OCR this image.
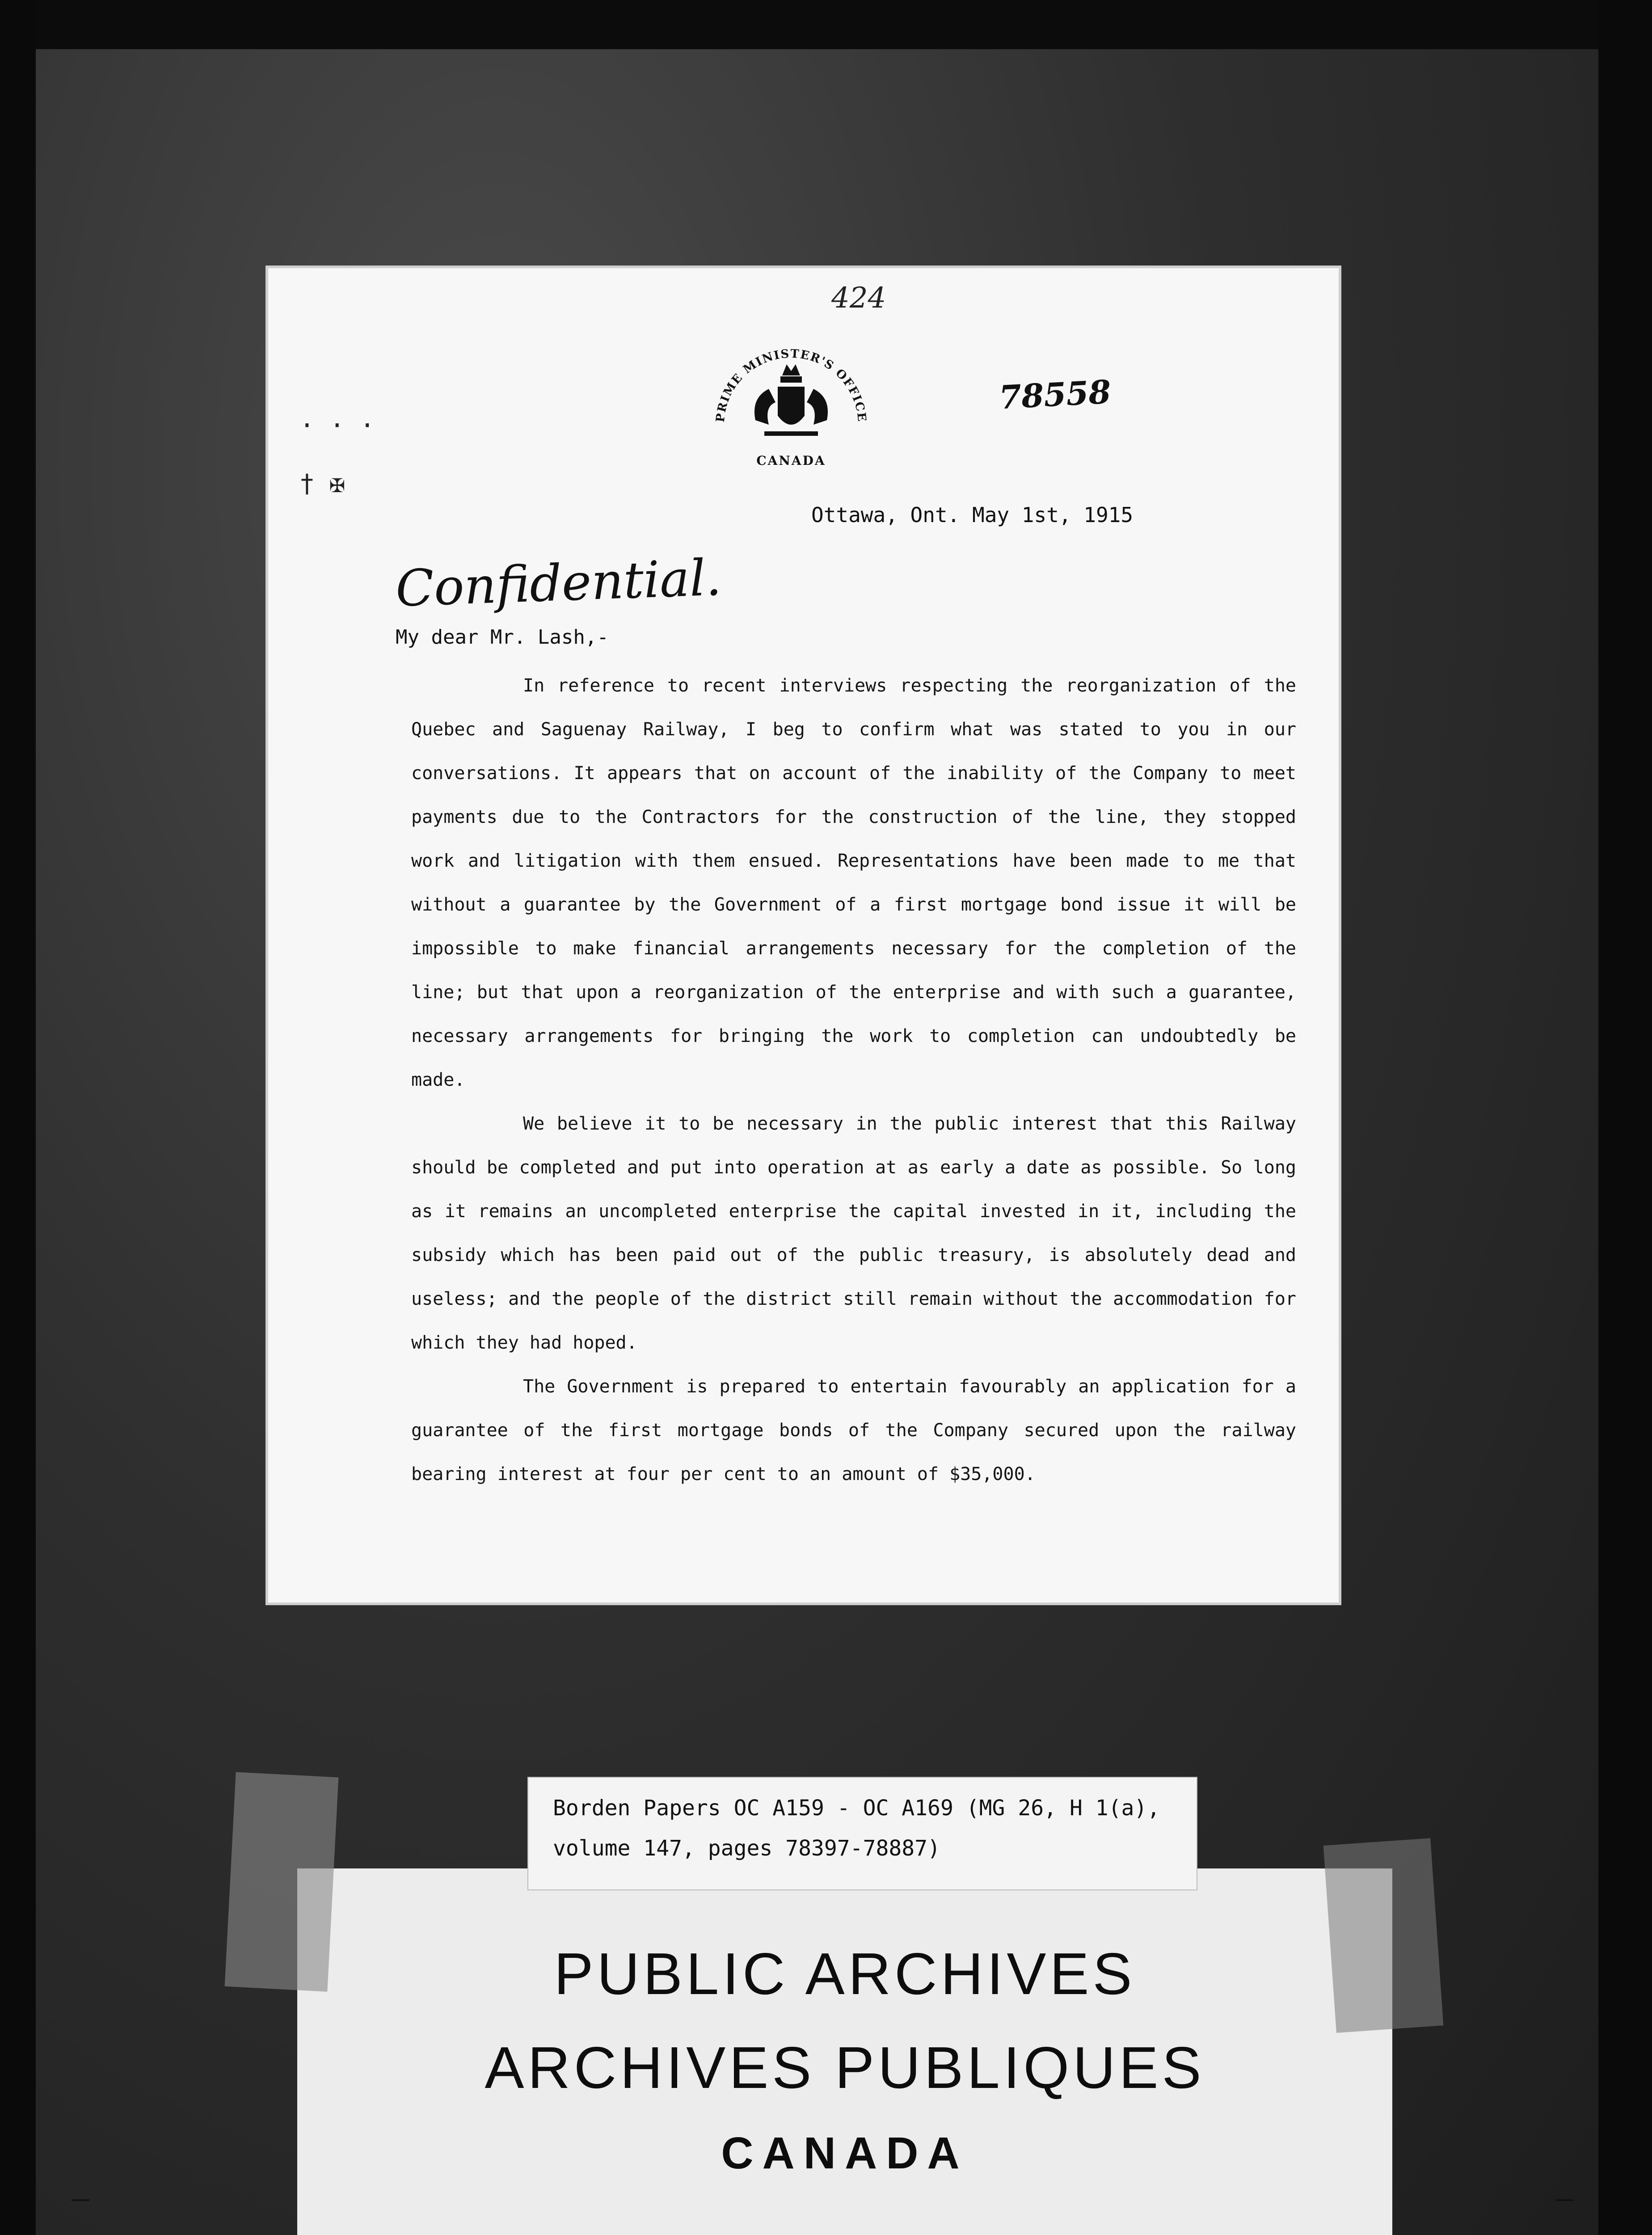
424
PRIME MINISTER'S OFFICE
CANADA
78558
· · ·

† ✠
Ottawa, Ont. May 1st, 1915
Confidential.
My dear Mr. Lash,-

In reference to recent interviews respecting the reorganization of the Quebec and Saguenay Railway, I beg to confirm what was stated to you in our conversations. It appears that on account of the inability of the Company to meet payments due to the Contractors for the construction of the line, they stopped work and litigation with them ensued. Representations have been made to me that without a guarantee by the Government of a first mortgage bond issue it will be impossible to make financial arrangements necessary for the completion of the line; but that upon a reorganization of the enterprise and with such a guarantee, necessary arrangements for bringing the work to completion can undoubtedly be made.

We believe it to be necessary in the public interest that this Railway should be completed and put into operation at as early a date as possible. So long as it remains an uncompleted enterprise the capital invested in it, including the subsidy which has been paid out of the public treasury, is absolutely dead and useless; and the people of the district still remain without the accommodation for which they had hoped.

The Government is prepared to entertain favourably an application for a guarantee of the first mortgage bonds of the Company secured upon the railway bearing interest at four per cent to an amount of $35,000.

PUBLIC ARCHIVES
ARCHIVES PUBLIQUES
CANADA
Borden Papers OC A159 - OC A169 (MG 26, H 1(a),
volume 147, pages 78397-78887)
